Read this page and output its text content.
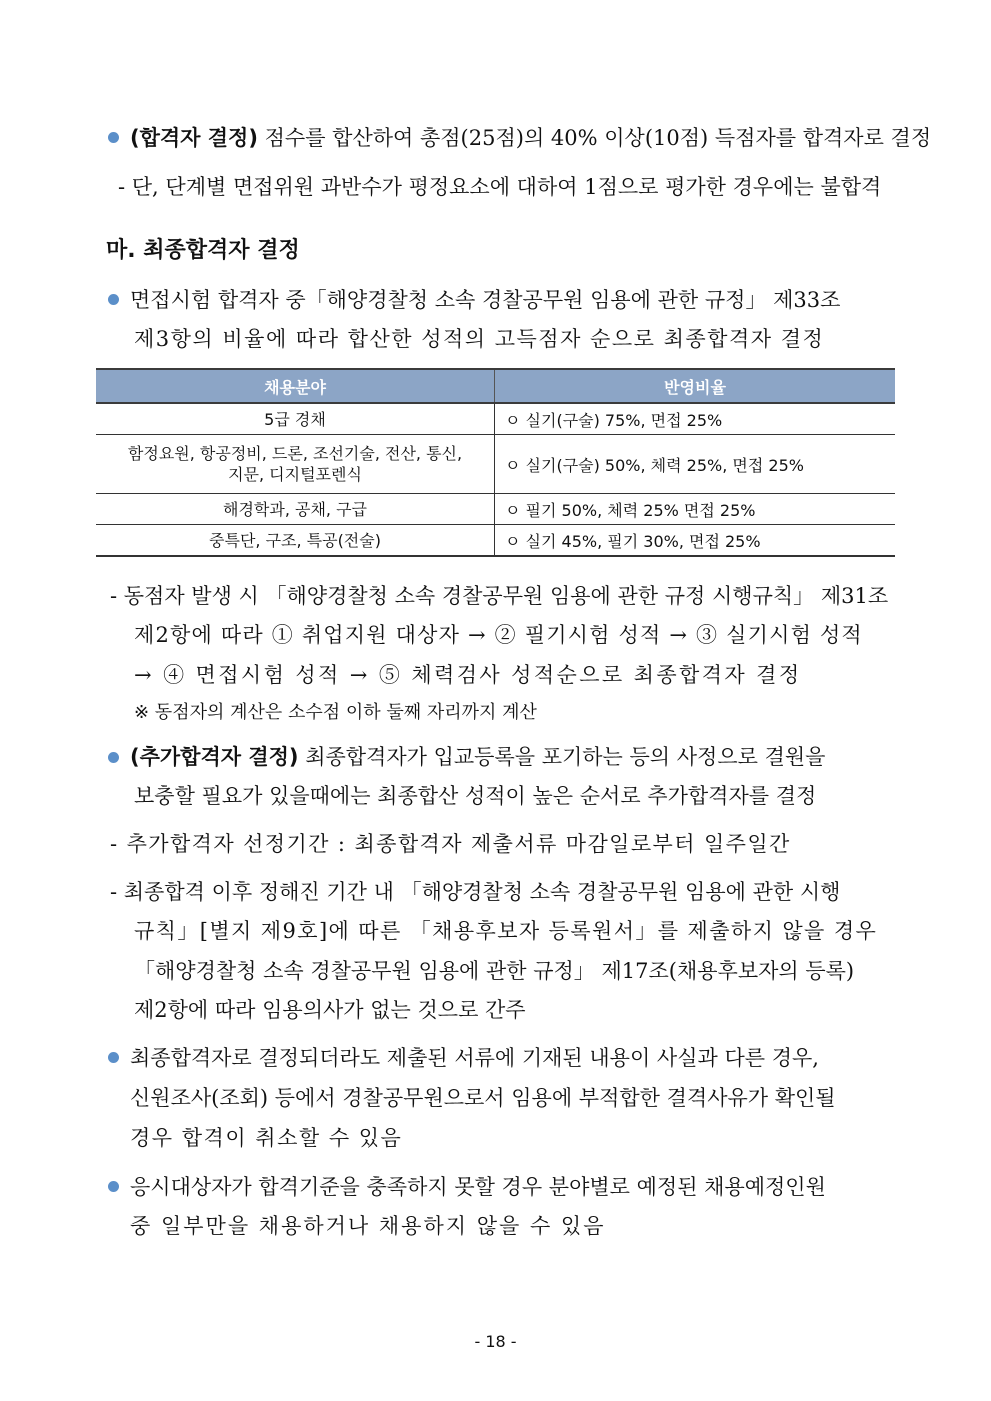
(합격자 결정) 점수를 합산하여 총점(25점)의 40% 이상(10점) 득점자를 합격자로 결정
- 단, 단계별 면접위원 과반수가 평정요소에 대하여 1점으로 평가한 경우에는 불합격
마. 최종합격자 결정
면접시험 합격자 중「해양경찰청 소속 경찰공무원 임용에 관한 규정」 제33조
제3항의 비율에 따라 합산한 성적의 고득점자 순으로 최종합격자 결정
채용분야	반영비율
5급 경채	ㅇ 실기(구술) 75%, 면접 25%

함정요원, 항공정비, 드론, 조선기술, 전산, 통신,
지문, 디지털포렌식	ㅇ 실기(구술) 50%, 체력 25%, 면접 25%
해경학과, 공채, 구급	ㅇ 필기 50%, 체력 25% 면접 25%
중특단, 구조, 특공(전술)	ㅇ 실기 45%, 필기 30%, 면접 25%
- 동점자 발생 시 「해양경찰청 소속 경찰공무원 임용에 관한 규정 시행규칙」 제31조
제2항에 따라 ① 취업지원 대상자 → ② 필기시험 성적 → ③ 실기시험 성적
→ ④ 면접시험 성적 → ⑤ 체력검사 성적순으로 최종합격자 결정
※ 동점자의 계산은 소수점 이하 둘째 자리까지 계산
(추가합격자 결정) 최종합격자가 입교등록을 포기하는 등의 사정으로 결원을
보충할 필요가 있을때에는 최종합산 성적이 높은 순서로 추가합격자를 결정
- 추가합격자 선정기간 : 최종합격자 제출서류 마감일로부터 일주일간
- 최종합격 이후 정해진 기간 내 「해양경찰청 소속 경찰공무원 임용에 관한 시행
규칙」[별지 제9호]에 따른 「채용후보자 등록원서」를 제출하지 않을 경우
「해양경찰청 소속 경찰공무원 임용에 관한 규정」 제17조(채용후보자의 등록)
제2항에 따라 임용의사가 없는 것으로 간주
최종합격자로 결정되더라도 제출된 서류에 기재된 내용이 사실과 다른 경우,
신원조사(조회) 등에서 경찰공무원으로서 임용에 부적합한 결격사유가 확인될
경우 합격이 취소할 수 있음
응시대상자가 합격기준을 충족하지 못할 경우 분야별로 예정된 채용예정인원
중 일부만을 채용하거나 채용하지 않을 수 있음
- 18 -
